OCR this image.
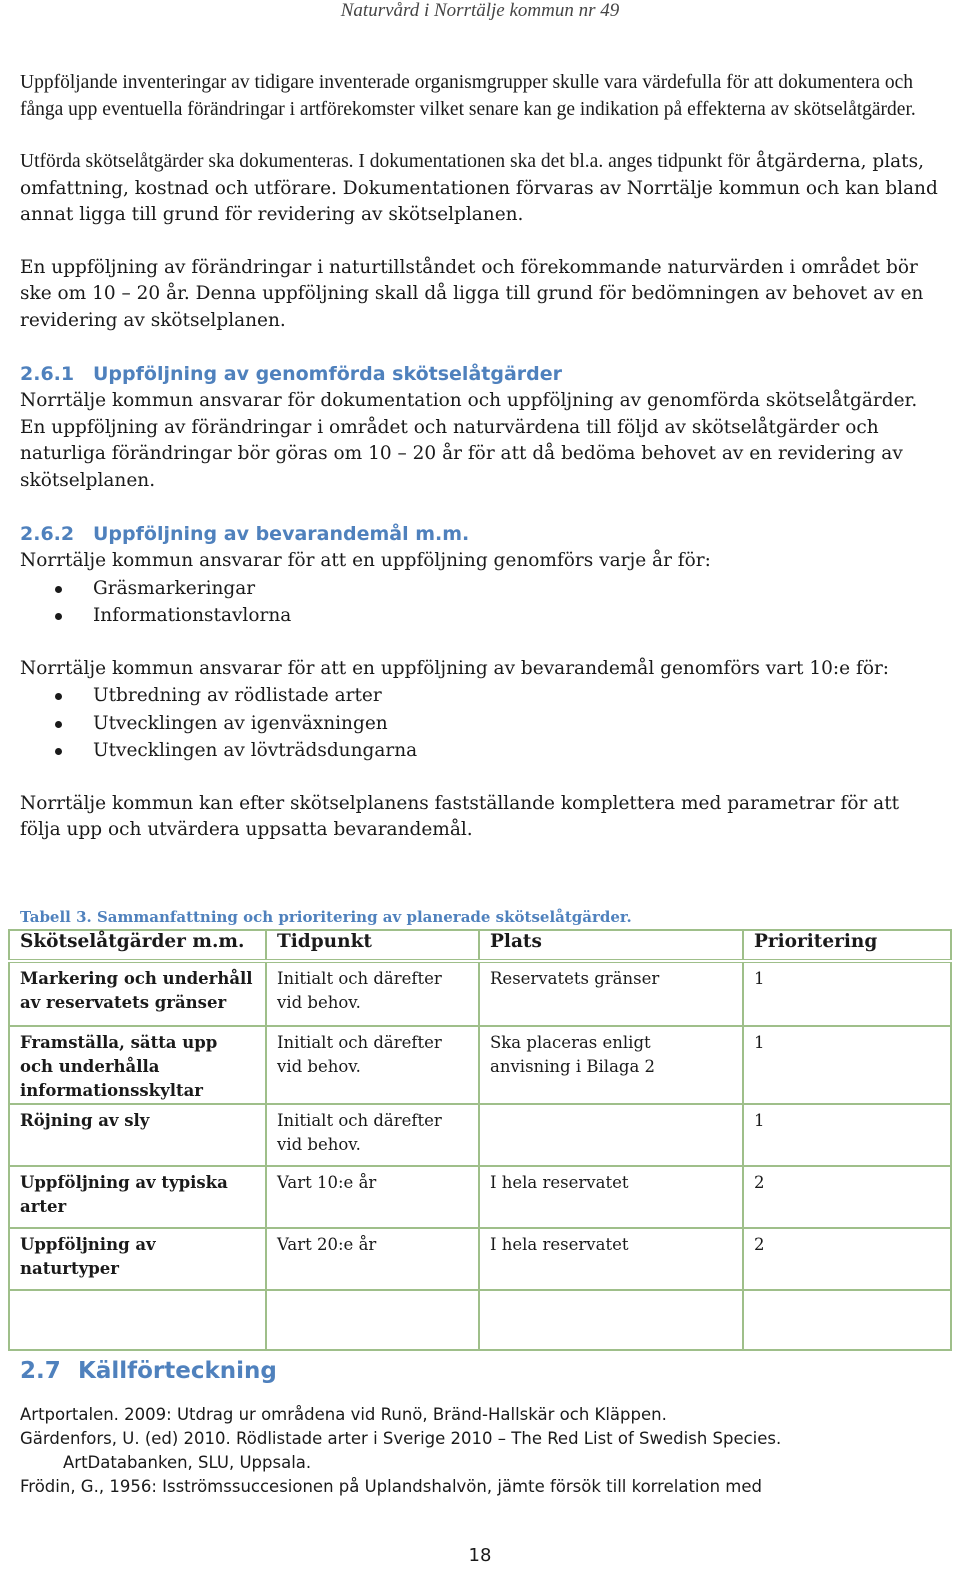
Naturvård i Norrtälje kommun nr 49

Uppföljande inventeringar av tidigare inventerade organismgrupper skulle vara värdefulla för att dokumentera och fånga upp eventuella förändringar i artförekomster vilket senare kan ge indikation på effekterna av skötselåtgärder.

Utförda skötselåtgärder ska dokumenteras. I dokumentationen ska det bl.a. anges tidpunkt för åtgärderna, plats, omfattning, kostnad och utförare. Dokumentationen förvaras av Norrtälje kommun och kan bland annat ligga till grund för revidering av skötselplanen.

En uppföljning av förändringar i naturtillståndet och förekommande naturvärden i området bör ske om 10 – 20 år. Denna uppföljning skall då ligga till grund för bedömningen av behovet av en revidering av skötselplanen.

2.6.1 Uppföljning av genomförda skötselåtgärder

Norrtälje kommun ansvarar för dokumentation och uppföljning av genomförda skötselåtgärder. En uppföljning av förändringar i området och naturvärdena till följd av skötselåtgärder och naturliga förändringar bör göras om 10 – 20 år för att då bedöma behovet av en revidering av skötselplanen.

2.6.2 Uppföljning av bevarandemål m.m.

Norrtälje kommun ansvarar för att en uppföljning genomförs varje år för:

Gräsmarkeringar
Informationstavlorna

Norrtälje kommun ansvarar för att en uppföljning av bevarandemål genomförs vart 10:e för:

Utbredning av rödlistade arter
Utvecklingen av igenväxningen
Utvecklingen av lövträdsdungarna

Norrtälje kommun kan efter skötselplanens fastställande komplettera med parametrar för att följa upp och utvärdera uppsatta bevarandemål.

Tabell 3. Sammanfattning och prioritering av planerade skötselåtgärder.
Skötselåtgärder m.m.	Tidpunkt	Plats	Prioritering
Markering och underhåll av reservatets gränser	Initialt och därefter vid behov.	Reservatets gränser	1
Framställa, sätta upp och underhålla informationsskyltar	Initialt och därefter vid behov.	Ska placeras enligt anvisning i Bilaga 2	1
Röjning av sly	Initialt och därefter vid behov.		1
Uppföljning av typiska arter	Vart 10:e år	I hela reservatet	2
Uppföljning av naturtyper	Vart 20:e år	I hela reservatet	2

2.7 Källförteckning

Artportalen. 2009: Utdrag ur områdena vid Runö, Bränd-Hallskär och Kläppen.

Gärdenfors, U. (ed) 2010. Rödlistade arter i Sverige 2010 – The Red List of Swedish Species.

ArtDatabanken, SLU, Uppsala.

Frödin, G., 1956: Isströmssuccesionen på Uplandshalvön, jämte försök till korrelation med

18
